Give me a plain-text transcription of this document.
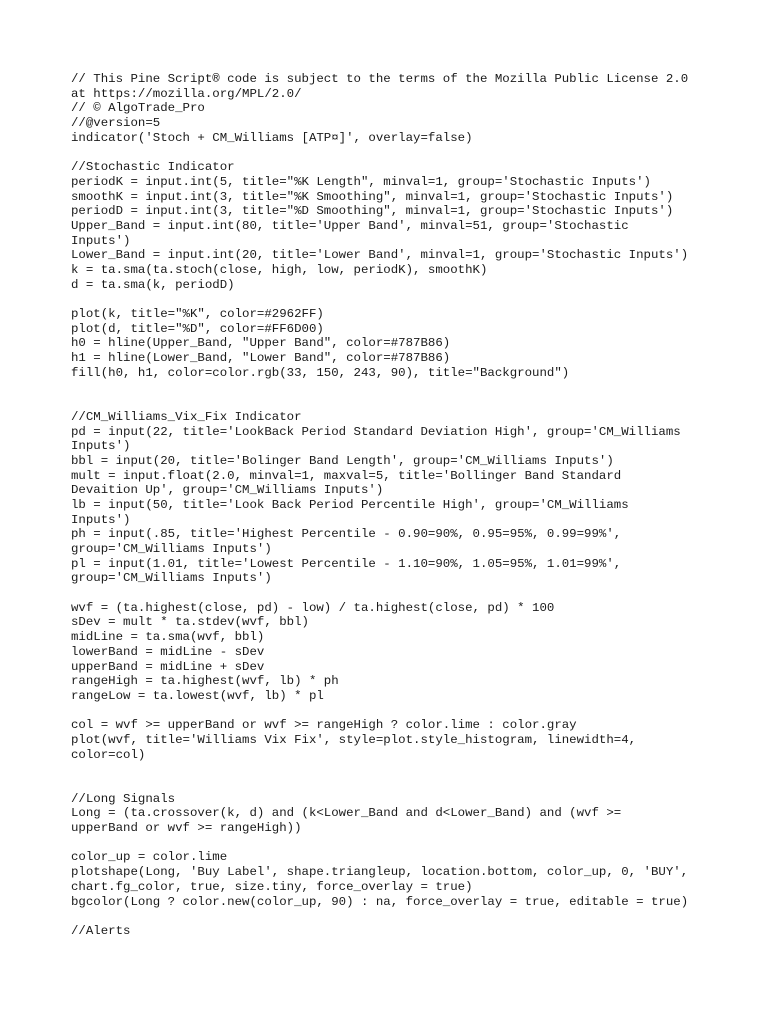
// This Pine Script® code is subject to the terms of the Mozilla Public License 2.0
at https://mozilla.org/MPL/2.0/
// © AlgoTrade_Pro
//@version=5
indicator('Stoch + CM_Williams [ATP¤]', overlay=false)
//Stochastic Indicator
periodK = input.int(5, title="%K Length", minval=1, group='Stochastic Inputs')
smoothK = input.int(3, title="%K Smoothing", minval=1, group='Stochastic Inputs')
periodD = input.int(3, title="%D Smoothing", minval=1, group='Stochastic Inputs')
Upper_Band = input.int(80, title='Upper Band', minval=51, group='Stochastic
Inputs')
Lower_Band = input.int(20, title='Lower Band', minval=1, group='Stochastic Inputs')
k = ta.sma(ta.stoch(close, high, low, periodK), smoothK)
d = ta.sma(k, periodD)
plot(k, title="%K", color=#2962FF)
plot(d, title="%D", color=#FF6D00)
h0 = hline(Upper_Band, "Upper Band", color=#787B86)
h1 = hline(Lower_Band, "Lower Band", color=#787B86)
fill(h0, h1, color=color.rgb(33, 150, 243, 90), title="Background")
//CM_Williams_Vix_Fix Indicator
pd = input(22, title='LookBack Period Standard Deviation High', group='CM_Williams
Inputs')
bbl = input(20, title='Bolinger Band Length', group='CM_Williams Inputs')
mult = input.float(2.0, minval=1, maxval=5, title='Bollinger Band Standard
Devaition Up', group='CM_Williams Inputs')
lb = input(50, title='Look Back Period Percentile High', group='CM_Williams
Inputs')
ph = input(.85, title='Highest Percentile - 0.90=90%, 0.95=95%, 0.99=99%',
group='CM_Williams Inputs')
pl = input(1.01, title='Lowest Percentile - 1.10=90%, 1.05=95%, 1.01=99%',
group='CM_Williams Inputs')
wvf = (ta.highest(close, pd) - low) / ta.highest(close, pd) * 100
sDev = mult * ta.stdev(wvf, bbl)
midLine = ta.sma(wvf, bbl)
lowerBand = midLine - sDev
upperBand = midLine + sDev
rangeHigh = ta.highest(wvf, lb) * ph
rangeLow = ta.lowest(wvf, lb) * pl
col = wvf >= upperBand or wvf >= rangeHigh ? color.lime : color.gray
plot(wvf, title='Williams Vix Fix', style=plot.style_histogram, linewidth=4,
color=col)
//Long Signals
Long = (ta.crossover(k, d) and (k<Lower_Band and d<Lower_Band) and (wvf >=
upperBand or wvf >= rangeHigh))
color_up = color.lime
plotshape(Long, 'Buy Label', shape.triangleup, location.bottom, color_up, 0, 'BUY',
chart.fg_color, true, size.tiny, force_overlay = true)
bgcolor(Long ? color.new(color_up, 90) : na, force_overlay = true, editable = true)
//Alerts
